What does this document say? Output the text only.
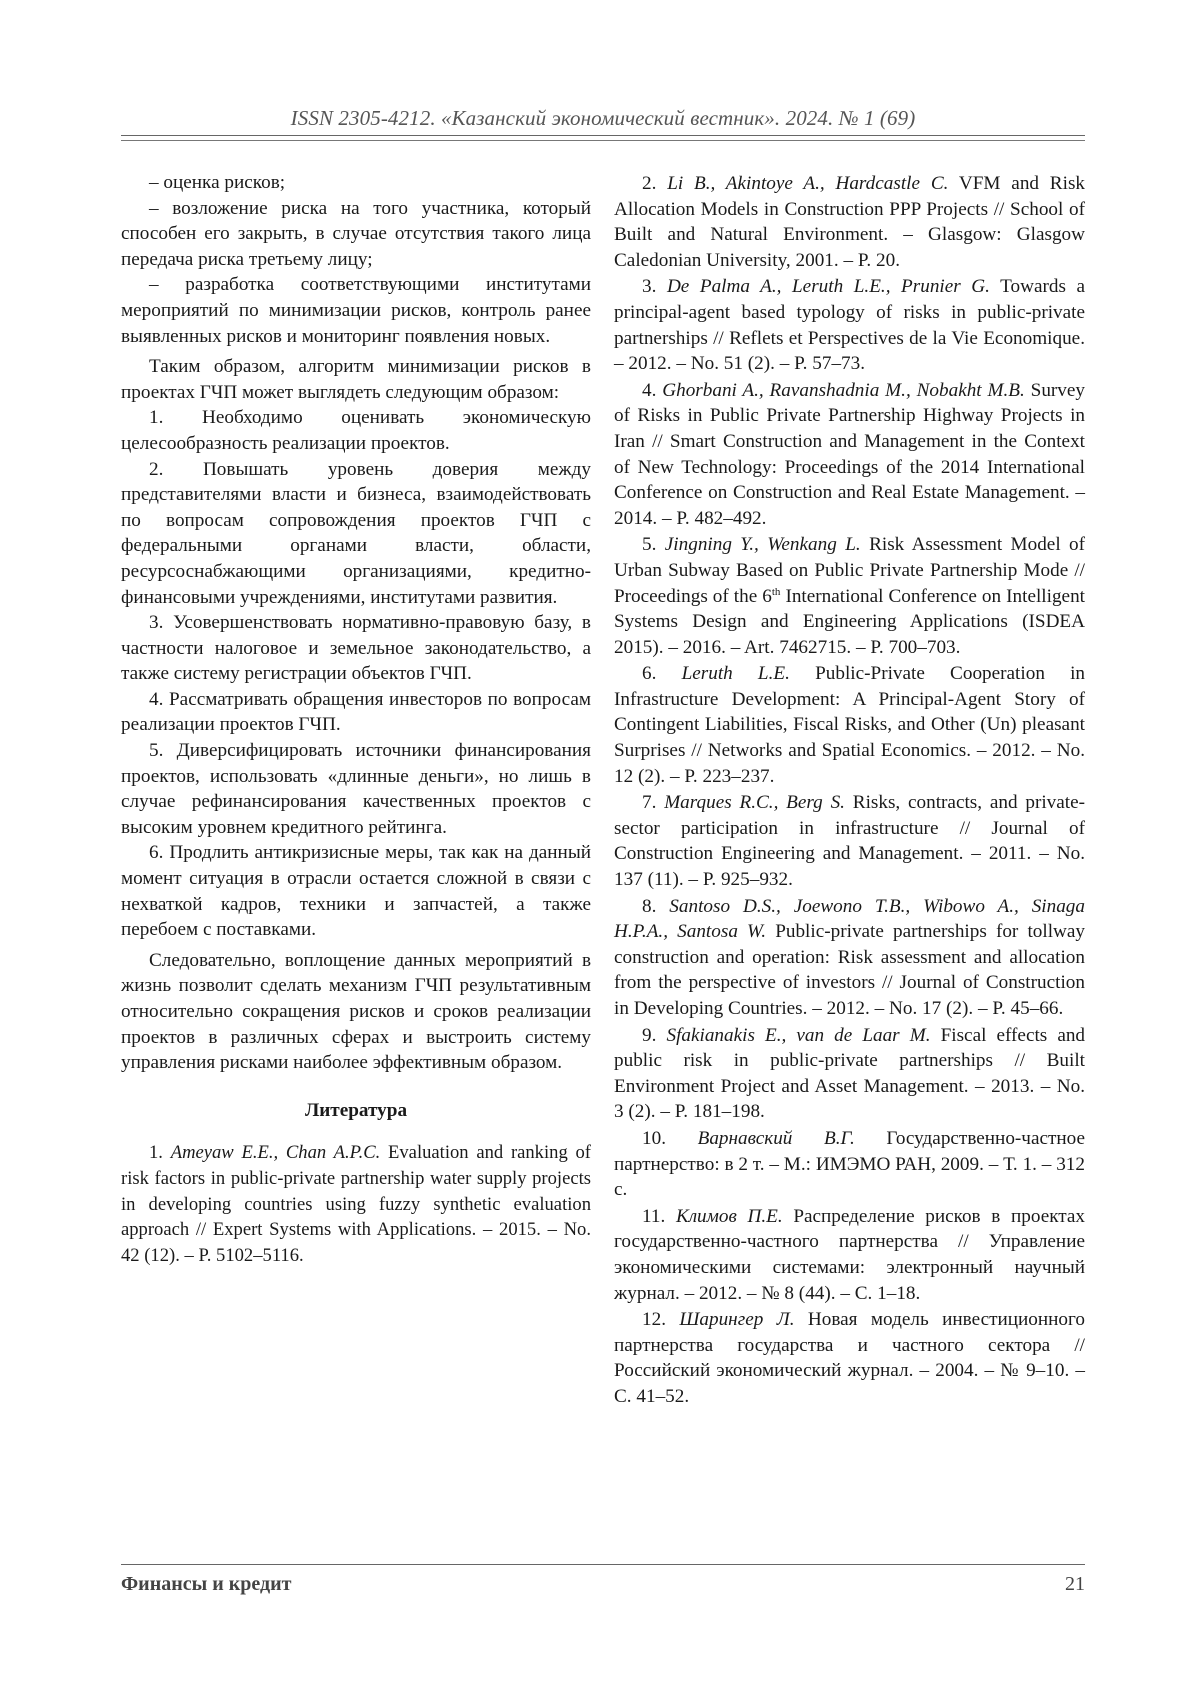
ISSN 2305-4212. «Казанский экономический вестник». 2024. № 1 (69)

– оценка рисков;

– возложение риска на того участника, который способен его закрыть, в случае отсутствия такого лица передача риска третьему лицу;

– разработка соответствующими институтами мероприятий по минимизации рисков, контроль ранее выявленных рисков и мониторинг появления новых.

Таким образом, алгоритм минимизации рисков в проектах ГЧП может выглядеть следующим образом:

1. Необходимо оценивать экономическую целесообразность реализации проектов.

2. Повышать уровень доверия между представителями власти и бизнеса, взаимодействовать по вопросам сопровождения проектов ГЧП с федеральными органами власти, области, ресурсоснабжающими организациями, кредитно-финансовыми учреждениями, институтами развития.

3. Усовершенствовать нормативно-правовую базу, в частности налоговое и земельное законодательство, а также систему регистрации объектов ГЧП.

4. Рассматривать обращения инвесторов по вопросам реализации проектов ГЧП.

5. Диверсифицировать источники финансирования проектов, использовать «длинные деньги», но лишь в случае рефинансирования качественных проектов с высоким уровнем кредитного рейтинга.

6. Продлить антикризисные меры, так как на данный момент ситуация в отрасли остается сложной в связи с нехваткой кадров, техники и запчастей, а также перебоем с поставками.

Следовательно, воплощение данных мероприятий в жизнь позволит сделать механизм ГЧП результативным относительно сокращения рисков и сроков реализации проектов в различных сферах и выстроить систему управления рисками наиболее эффективным образом.

Литература

1. Ameyaw E.E., Chan A.P.C. Evaluation and ranking of risk factors in public-private partnership water supply projects in developing countries using fuzzy synthetic evaluation approach // Expert Systems with Applications. – 2015. – No. 42 (12). – P. 5102–5116.

2. Li B., Akintoye A., Hardcastle C. VFM and Risk Allocation Models in Construction PPP Projects // School of Built and Natural Environment. – Glasgow: Glasgow Caledonian University, 2001. – P. 20.

3. De Palma A., Leruth L.E., Prunier G. Towards a principal-agent based typology of risks in public-private partnerships // Reflets et Perspectives de la Vie Economique. – 2012. – No. 51 (2). – P. 57–73.

4. Ghorbani A., Ravanshadnia M., Nobakht M.B. Survey of Risks in Public Private Partnership Highway Projects in Iran // Smart Construction and Management in the Context of New Technology: Proceedings of the 2014 International Conference on Construction and Real Estate Management. – 2014. – P. 482–492.

5. Jingning Y., Wenkang L. Risk Assessment Model of Urban Subway Based on Public Private Partnership Mode // Proceedings of the 6th International Conference on Intelligent Systems Design and Engineering Applications (ISDEA 2015). – 2016. – Art. 7462715. – P. 700–703.

6. Leruth L.E. Public-Private Cooperation in Infrastructure Development: A Principal-Agent Story of Contingent Liabilities, Fiscal Risks, and Other (Un) pleasant Surprises // Networks and Spatial Economics. – 2012. – No. 12 (2). – P. 223–237.

7. Marques R.C., Berg S. Risks, contracts, and private-sector participation in infrastructure // Journal of Construction Engineering and Management. – 2011. – No. 137 (11). – P. 925–932.

8. Santoso D.S., Joewono T.B., Wibowo A., Sinaga H.P.A., Santosa W. Public-private partnerships for tollway construction and operation: Risk assessment and allocation from the perspective of investors // Journal of Construction in Developing Countries. – 2012. – No. 17 (2). – P. 45–66.

9. Sfakianakis E., van de Laar M. Fiscal effects and public risk in public-private partnerships // Built Environment Project and Asset Management. – 2013. – No. 3 (2). – P. 181–198.

10. Варнавский В.Г. Государственно-частное партнерство: в 2 т. – М.: ИМЭМО РАН, 2009. – Т. 1. – 312 с.

11. Климов П.Е. Распределение рисков в проектах государственно-частного партнерства // Управление экономическими системами: электронный научный журнал. – 2012. – № 8 (44). – С. 1–18.

12. Шарингер Л. Новая модель инвестиционного партнерства государства и частного сектора // Российский экономический журнал. – 2004. – № 9–10. – С. 41–52.

Финансы и кредит	21
